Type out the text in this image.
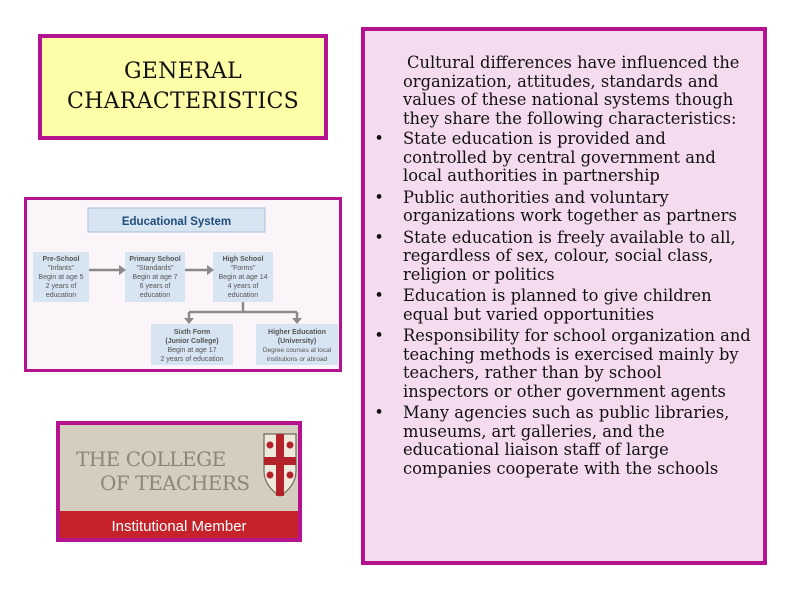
GENERAL
CHARACTERISTICS
Educational System
Pre-School
"Infants"
Begin at age 5
2 years of
education
Primary School
"Standards"
Begin at age 7
6 years of
education
High School
"Forms"
Begin at age 14
4 years of
education
Sixth Form
(Junior College)
Begin at age 17
2 years of education
Higher Education
(University)
Degree courses at local
institutions or abroad
THE COLLEGE
OF TEACHERS
Institutional Member

Cultural differences have influenced the organization, attitudes, standards and values of these national systems though they share the following characteristics:

• State education is provided and controlled by central government and local authorities in partnership
• Public authorities and voluntary organizations work together as partners
• State education is freely available to all, regardless of sex, colour, social class, religion or politics
• Education is planned to give children equal but varied opportunities
• Responsibility for school organization and teaching methods is exercised mainly by teachers, rather than by school inspectors or other government agents
• Many agencies such as public libraries, museums, art galleries, and the educational liaison staff of large companies cooperate with the schools
